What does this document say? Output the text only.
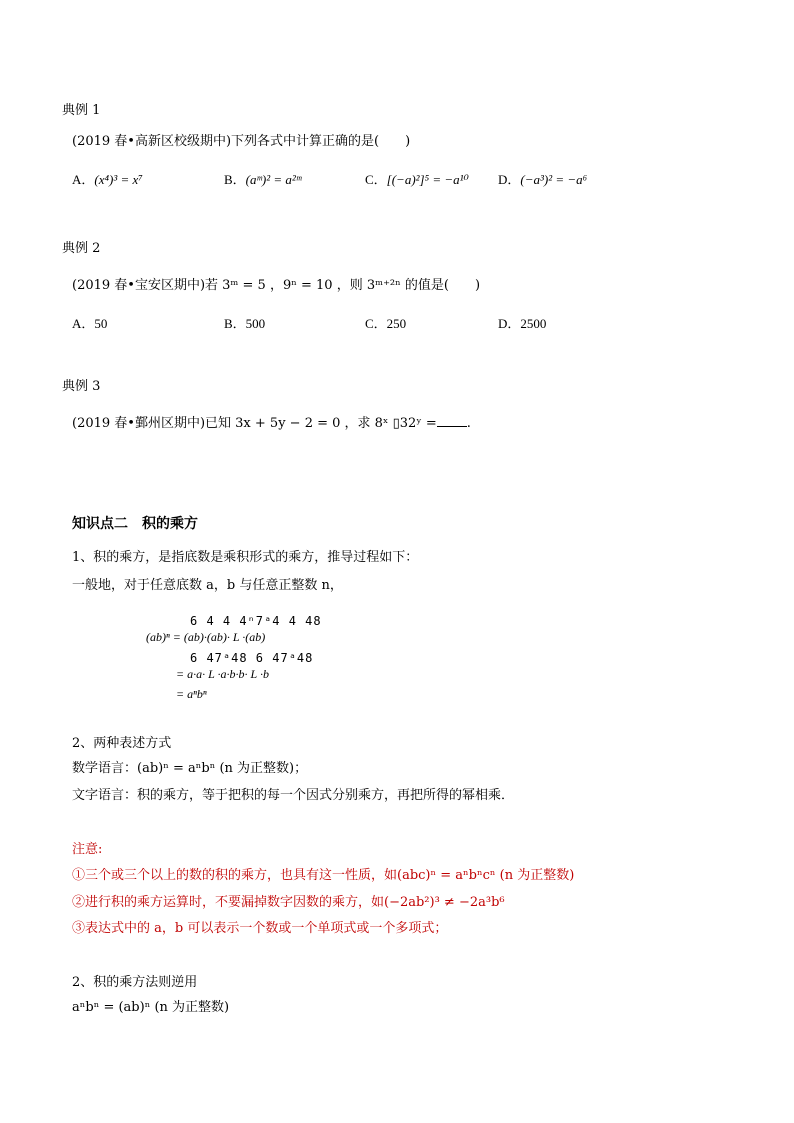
典例 1
(2019 春•高新区校级期中)下列各式中计算正确的是(　　)
A．(x⁴)³ = x⁷	B．(aᵐ)² = a²ᵐ	C．[(−a)²]⁵ = −a¹⁰ D．(−a³)² = −a⁶
典例 2
(2019 春•宝安区期中)若 3ᵐ = 5 ，9ⁿ = 10 ，则 3ᵐ⁺²ⁿ 的值是(　　)
A．50	B．500	C．250	D．2500
典例 3
(2019 春•鄞州区期中)已知 3x + 5y − 2 = 0 ，求 8ˣ ▯32ʸ = .
知识点二　积的乘方
1、积的乘方，是指底数是乘积形式的乘方，推导过程如下：
一般地，对于任意底数 a，b 与任意正整数 n，
6 4 4 4ⁿ7ᵃ4 4 48
(ab)ⁿ = (ab)·(ab)· L ·(ab)
6 47ᵃ48 6 47ᵃ48
= a·a· L ·a·b·b· L ·b
= aⁿbⁿ
2、两种表述方式
数学语言：(ab)ⁿ = aⁿbⁿ (n 为正整数)；
文字语言：积的乘方，等于把积的每一个因式分别乘方，再把所得的幂相乘．
注意:
①三个或三个以上的数的积的乘方，也具有这一性质，如(abc)ⁿ = aⁿbⁿcⁿ (n 为正整数)
②进行积的乘方运算时，不要漏掉数字因数的乘方，如(−2ab²)³ ≠ −2a³b⁶
③表达式中的 a，b 可以表示一个数或一个单项式或一个多项式；
2、积的乘方法则逆用
aⁿbⁿ = (ab)ⁿ (n 为正整数)
